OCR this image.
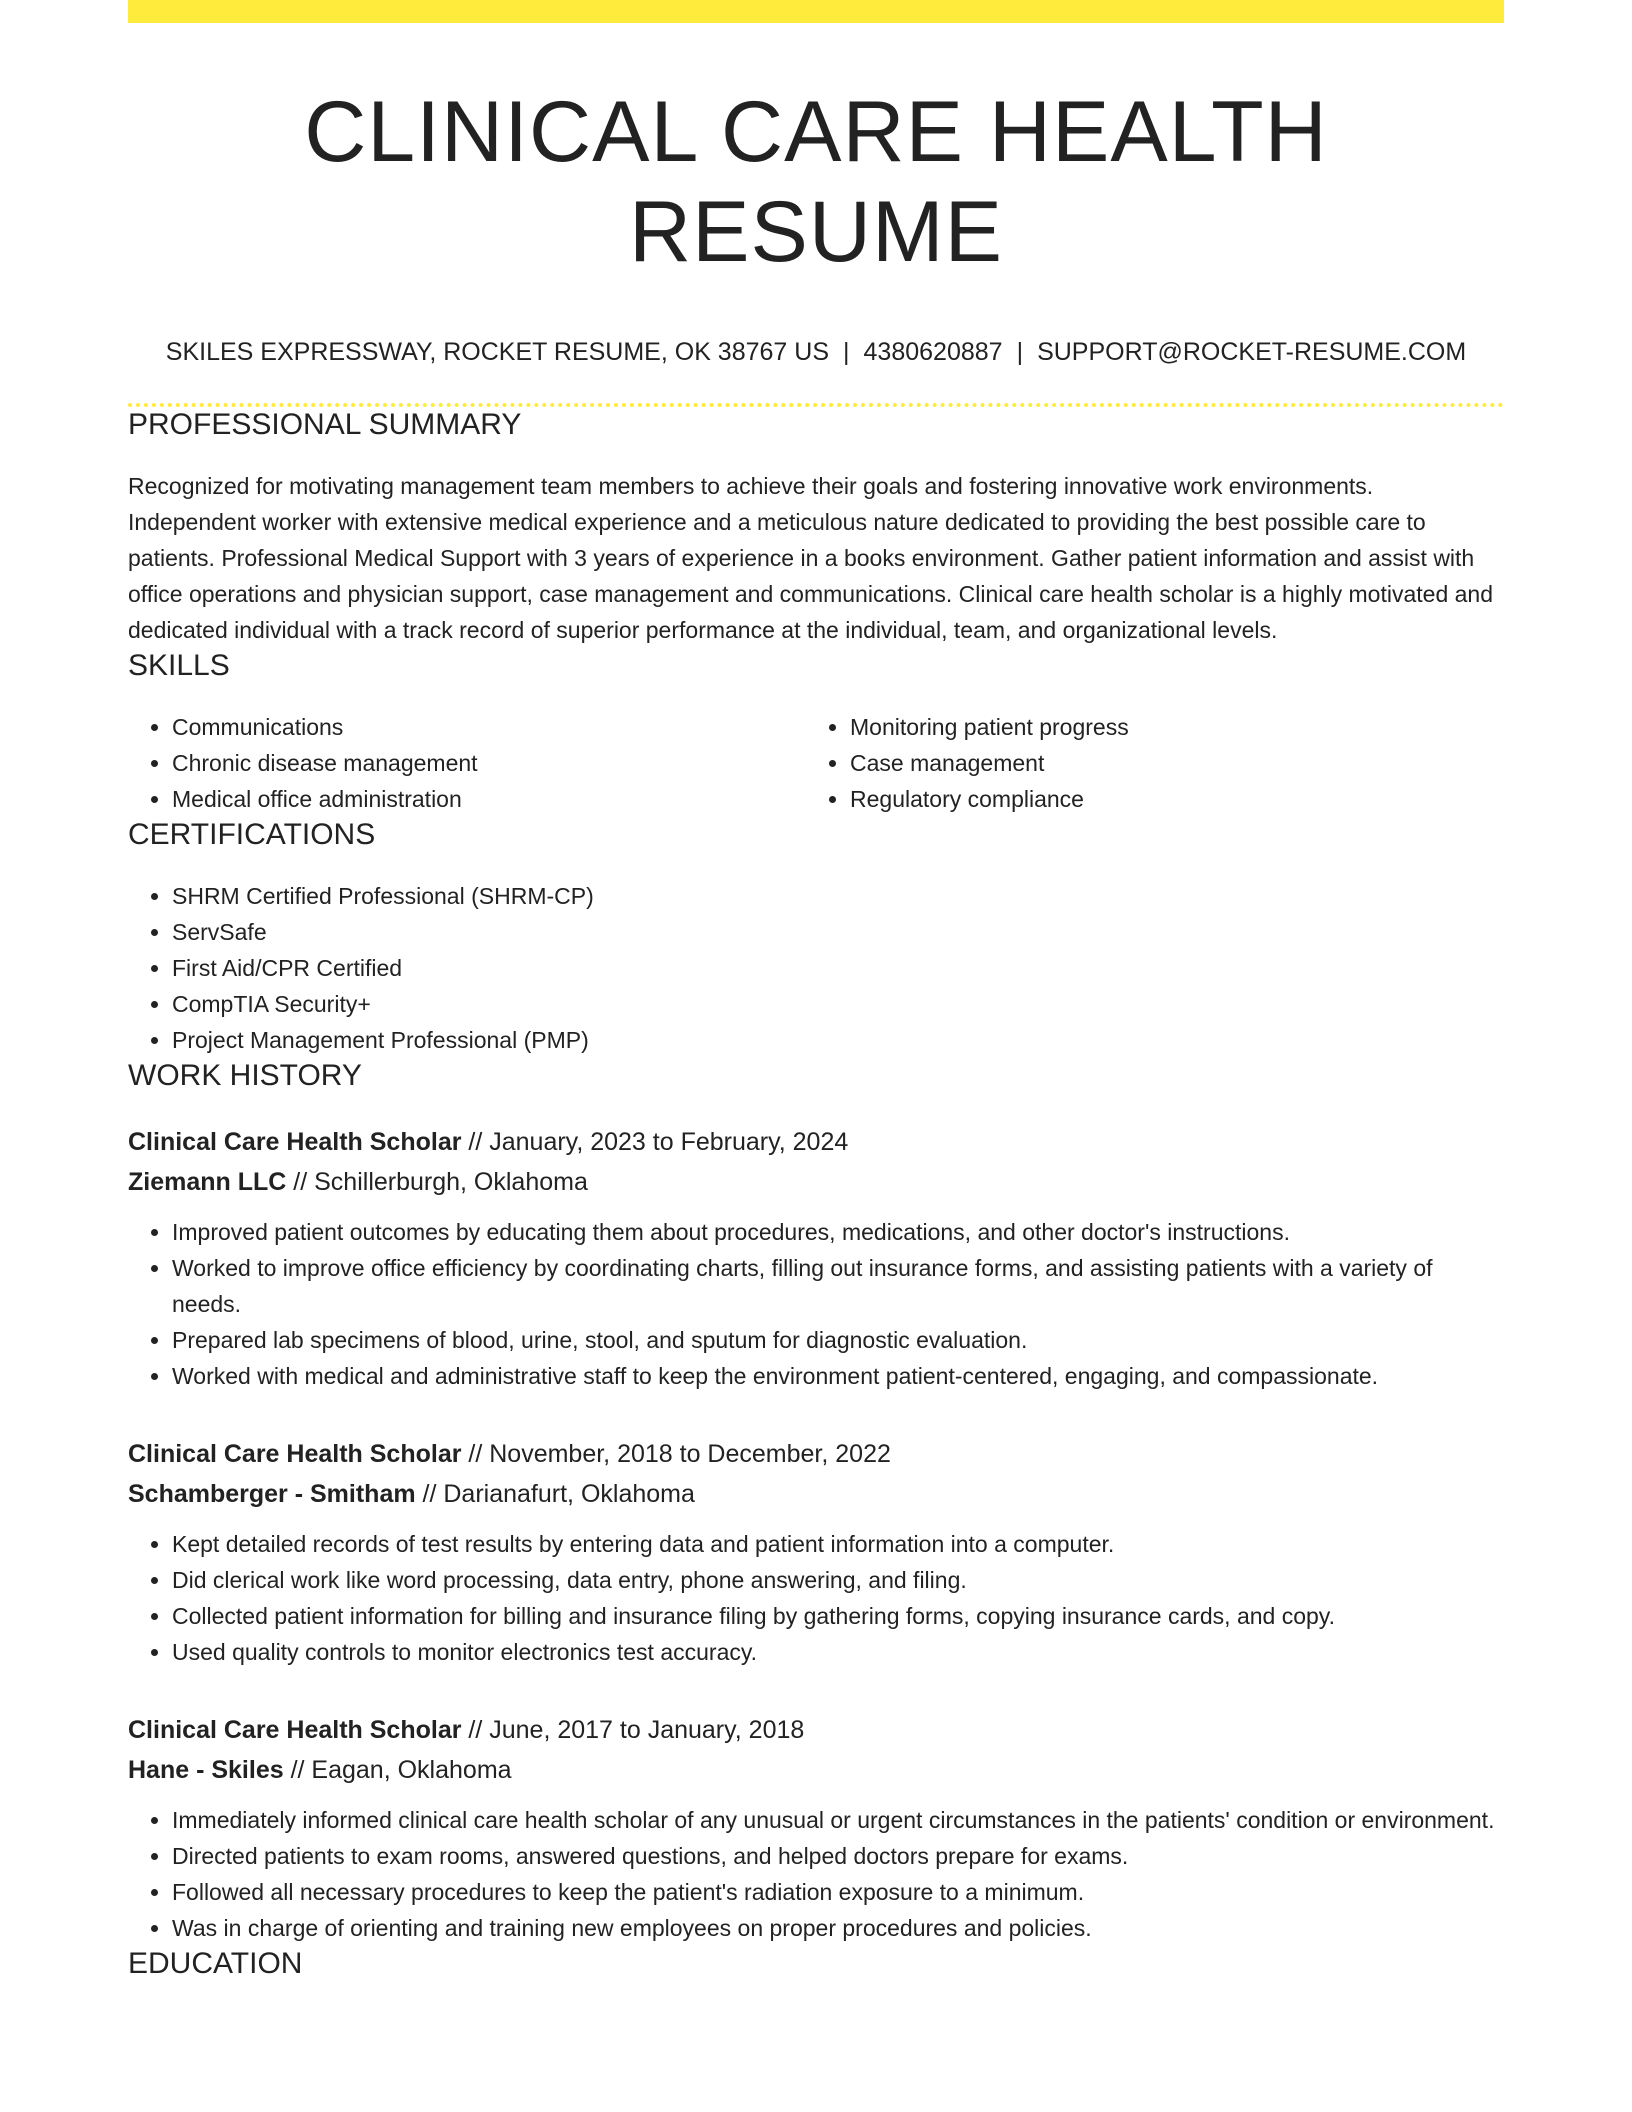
CLINICAL CARE HEALTH RESUME
SKILES EXPRESSWAY, ROCKET RESUME, OK 38767 US | 4380620887 | SUPPORT@ROCKET-RESUME.COM
PROFESSIONAL SUMMARY

Recognized for motivating management team members to achieve their goals and fostering innovative work environments. Independent worker with extensive medical experience and a meticulous nature dedicated to providing the best possible care to patients. Professional Medical Support with 3 years of experience in a books environment. Gather patient information and assist with office operations and physician support, case management and communications. Clinical care health scholar is a highly motivated and dedicated individual with a track record of superior performance at the individual, team, and organizational levels.

SKILLS
• Communications
• Chronic disease management
• Medical office administration
• Monitoring patient progress
• Case management
• Regulatory compliance
CERTIFICATIONS
• SHRM Certified Professional (SHRM-CP)
• ServSafe
• First Aid/CPR Certified
• CompTIA Security+
• Project Management Professional (PMP)
WORK HISTORY
Clinical Care Health Scholar // January, 2023 to February, 2024
Ziemann LLC // Schillerburgh, Oklahoma
• Improved patient outcomes by educating them about procedures, medications, and other doctor's instructions.
• Worked to improve office efficiency by coordinating charts, filling out insurance forms, and assisting patients with a variety of needs.
• Prepared lab specimens of blood, urine, stool, and sputum for diagnostic evaluation.
• Worked with medical and administrative staff to keep the environment patient-centered, engaging, and compassionate.
Clinical Care Health Scholar // November, 2018 to December, 2022
Schamberger - Smitham // Darianafurt, Oklahoma
• Kept detailed records of test results by entering data and patient information into a computer.
• Did clerical work like word processing, data entry, phone answering, and filing.
• Collected patient information for billing and insurance filing by gathering forms, copying insurance cards, and copy.
• Used quality controls to monitor electronics test accuracy.
Clinical Care Health Scholar // June, 2017 to January, 2018
Hane - Skiles // Eagan, Oklahoma
• Immediately informed clinical care health scholar of any unusual or urgent circumstances in the patients' condition or environment.
• Directed patients to exam rooms, answered questions, and helped doctors prepare for exams.
• Followed all necessary procedures to keep the patient's radiation exposure to a minimum.
• Was in charge of orienting and training new employees on proper procedures and policies.
EDUCATION
